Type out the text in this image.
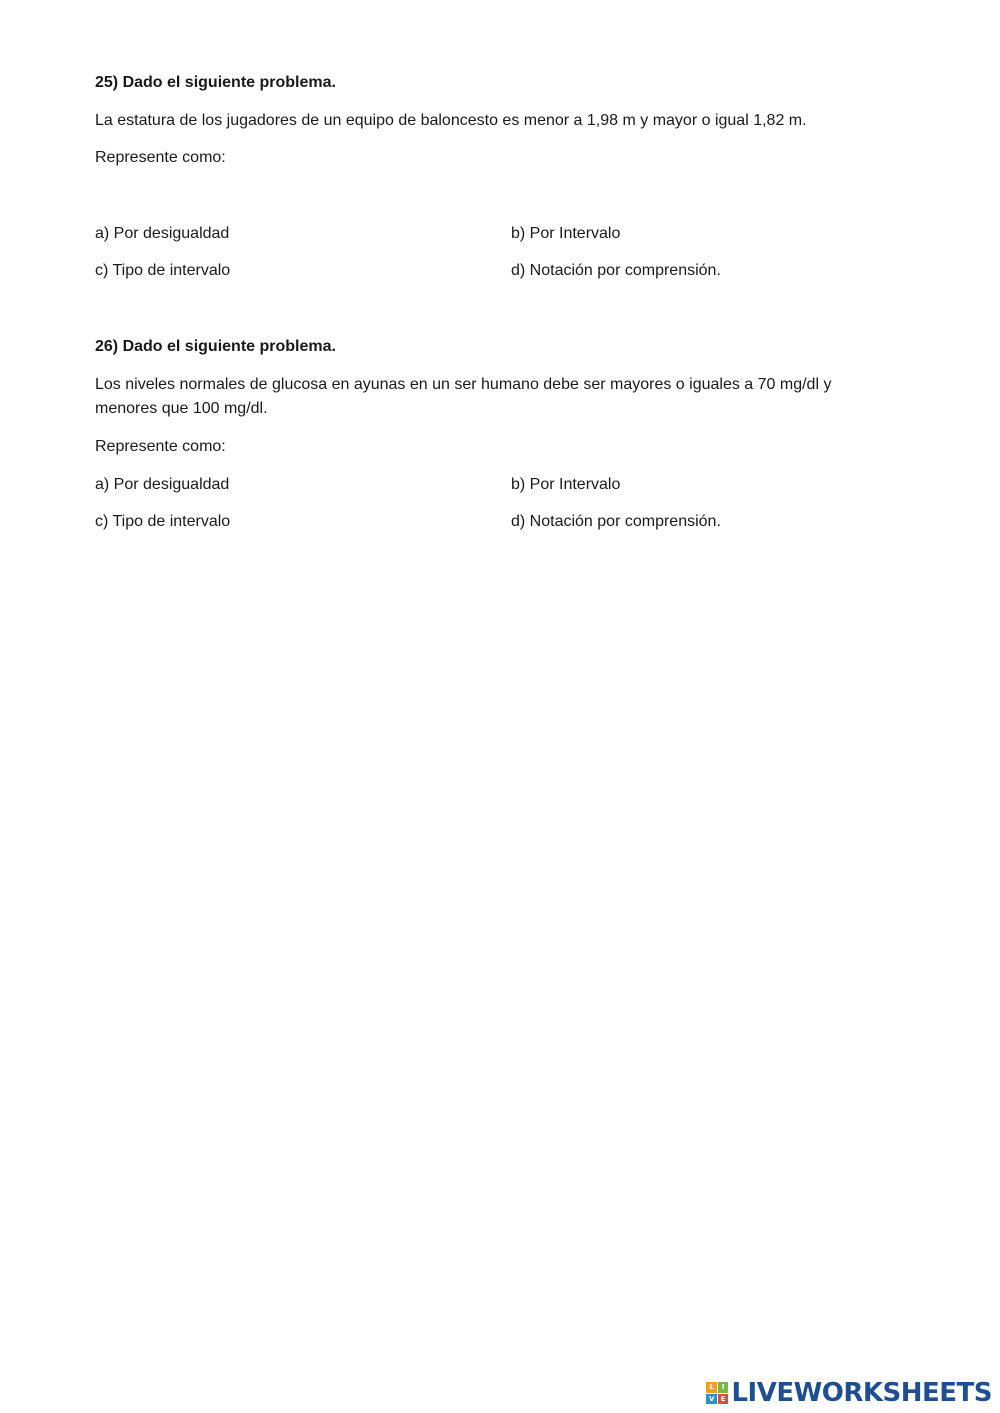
25) Dado el siguiente problema.
La estatura de los jugadores de un equipo de baloncesto es menor a 1,98 m y mayor o igual 1,82 m.
Represente como:
a) Por desigualdad	b) Por Intervalo
c) Tipo de intervalo	d) Notación por comprensión.
26) Dado el siguiente problema.
Los niveles normales de glucosa en ayunas en un ser humano debe ser mayores o iguales a 70 mg/dl y
menores que 100 mg/dl.
Represente como:
a) Por desigualdad	b) Por Intervalo
c) Tipo de intervalo	d) Notación por comprensión.
L	I
V E LIVEWORKSHEETS
